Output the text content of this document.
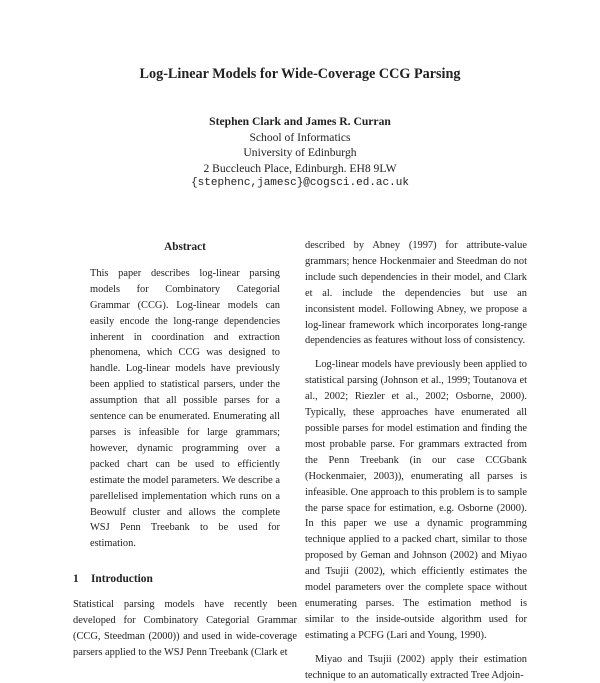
Log-Linear Models for Wide-Coverage CCG Parsing
Stephen Clark and James R. Curran
School of Informatics
University of Edinburgh
2 Buccleuch Place, Edinburgh. EH8 9LW
{stephenc,jamesc}@cogsci.ed.ac.uk
Abstract

This paper describes log-linear parsing models for Combinatory Categorial Grammar (CCG). Log-linear models can easily encode the long-range dependencies inherent in coordination and extraction phenomena, which CCG was designed to handle. Log-linear models have previously been applied to statistical parsers, under the assumption that all possible parses for a sentence can be enumerated. Enumerating all parses is infeasible for large grammars; however, dynamic programming over a packed chart can be used to efficiently estimate the model parameters. We describe a parellelised implementation which runs on a Beowulf cluster and allows the complete WSJ Penn Treebank to be used for estimation.

1 Introduction

Statistical parsing models have recently been developed for Combinatory Categorial Grammar (CCG, Steedman (2000)) and used in wide-coverage parsers applied to the WSJ Penn Treebank (Clark et

described by Abney (1997) for attribute-value grammars; hence Hockenmaier and Steedman do not include such dependencies in their model, and Clark et al. include the dependencies but use an inconsistent model. Following Abney, we propose a log-linear framework which incorporates long-range dependencies as features without loss of consistency.

Log-linear models have previously been applied to statistical parsing (Johnson et al., 1999; Toutanova et al., 2002; Riezler et al., 2002; Osborne, 2000). Typically, these approaches have enumerated all possible parses for model estimation and finding the most probable parse. For grammars extracted from the Penn Treebank (in our case CCGbank (Hockenmaier, 2003)), enumerating all parses is infeasible. One approach to this problem is to sample the parse space for estimation, e.g. Osborne (2000). In this paper we use a dynamic programming technique applied to a packed chart, similar to those proposed by Geman and Johnson (2002) and Miyao and Tsujii (2002), which efficiently estimates the model parameters over the complete space without enumerating parses. The estimation method is similar to the inside-outside algorithm used for estimating a PCFG (Lari and Young, 1990).

Miyao and Tsujii (2002) apply their estimation technique to an automatically extracted Tree Adjoin-
